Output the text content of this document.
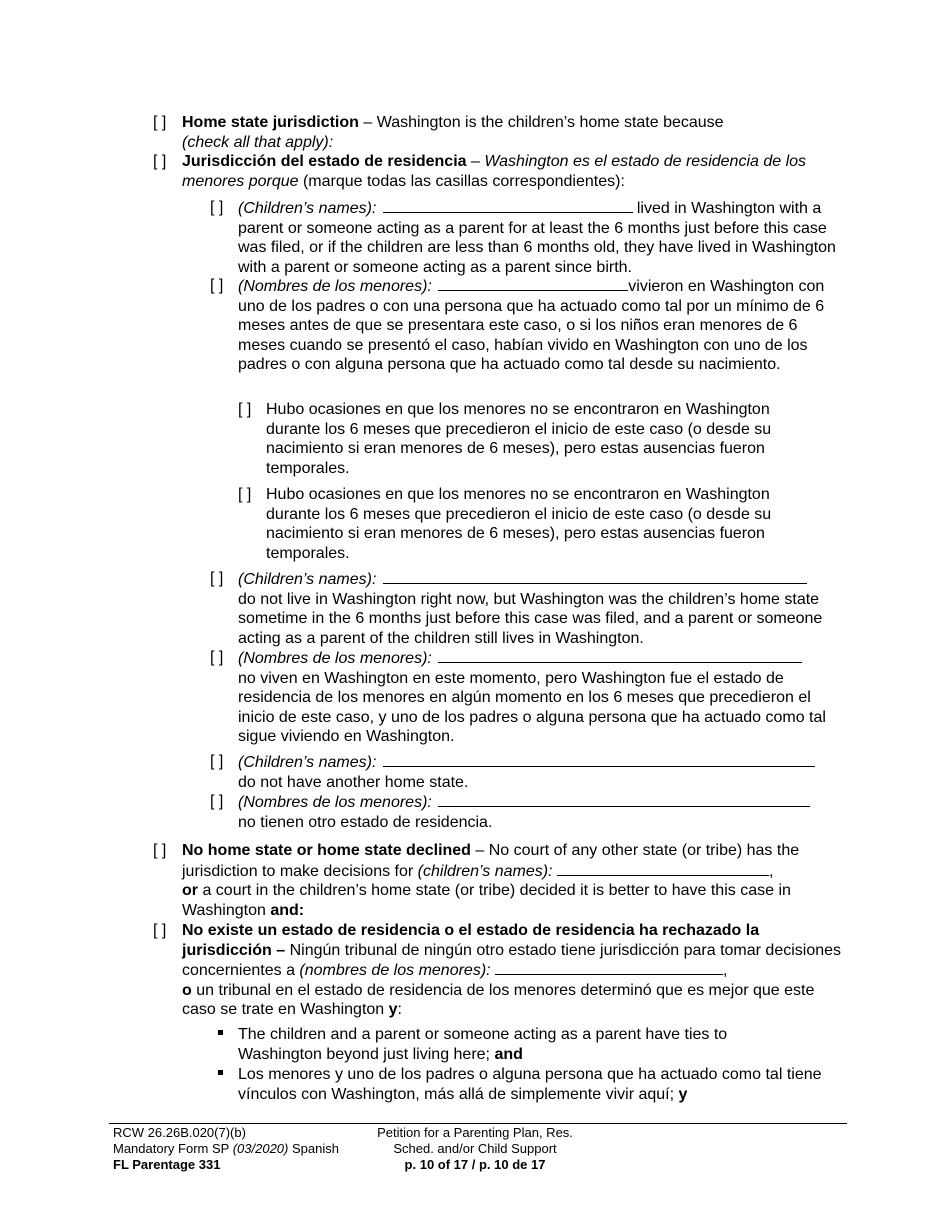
[ ] Home state jurisdiction – Washington is the children’s home state because
(check all that apply):
[ ] Jurisdicción del estado de residencia – Washington es el estado de residencia de los menores porque (marque todas las casillas correspondientes):
[ ] (Children’s names):	lived in Washington with a parent or someone acting as a parent for at least the 6 months just before this case was filed, or if the children are less than 6 months old, they have lived in Washington with a parent or someone acting as a parent since birth.
[ ] (Nombres de los menores):	vivieron en Washington con uno de los padres o con una persona que ha actuado como tal por un mínimo de 6 meses antes de que se presentara este caso, o si los niños eran menores de 6 meses cuando se presentó el caso, habían vivido en Washington con uno de los padres o con alguna persona que ha actuado como tal desde su nacimiento.
[ ] Hubo ocasiones en que los menores no se encontraron en Washington durante los 6 meses que precedieron el inicio de este caso (o desde su nacimiento si eran menores de 6 meses), pero estas ausencias fueron temporales.
[ ] Hubo ocasiones en que los menores no se encontraron en Washington durante los 6 meses que precedieron el inicio de este caso (o desde su nacimiento si eran menores de 6 meses), pero estas ausencias fueron temporales.
[ ] (Children’s names):
do not live in Washington right now, but Washington was the children’s home state sometime in the 6 months just before this case was filed, and a parent or someone acting as a parent of the children still lives in Washington.
[ ] (Nombres de los menores):
no viven en Washington en este momento, pero Washington fue el estado de residencia de los menores en algún momento en los 6 meses que precedieron el inicio de este caso, y uno de los padres o alguna persona que ha actuado como tal sigue viviendo en Washington.
[ ] (Children’s names):
do not have another home state.
[ ] (Nombres de los menores):
no tienen otro estado de residencia.
[ ] No home state or home state declined – No court of any other state (or tribe) has the jurisdiction to make decisions for (children’s names):	,
or a court in the children’s home state (or tribe) decided it is better to have this case in Washington and:
[ ] No existe un estado de residencia o el estado de residencia ha rechazado la jurisdicción – Ningún tribunal de ningún otro estado tiene jurisdicción para tomar decisiones concernientes a (nombres de los menores):	,
o un tribunal en el estado de residencia de los menores determinó que es mejor que este caso se trate en Washington y:
The children and a parent or someone acting as a parent have ties to Washington beyond just living here; and
Los menores y uno de los padres o alguna persona que ha actuado como tal tiene vínculos con Washington, más allá de simplemente vivir aquí; y
RCW 26.26B.020(7)(b)
Mandatory Form SP (03/2020) Spanish
FL Parentage 331
Petition for a Parenting Plan, Res.
Sched. and/or Child Support
p. 10 of 17 / p. 10 de 17
